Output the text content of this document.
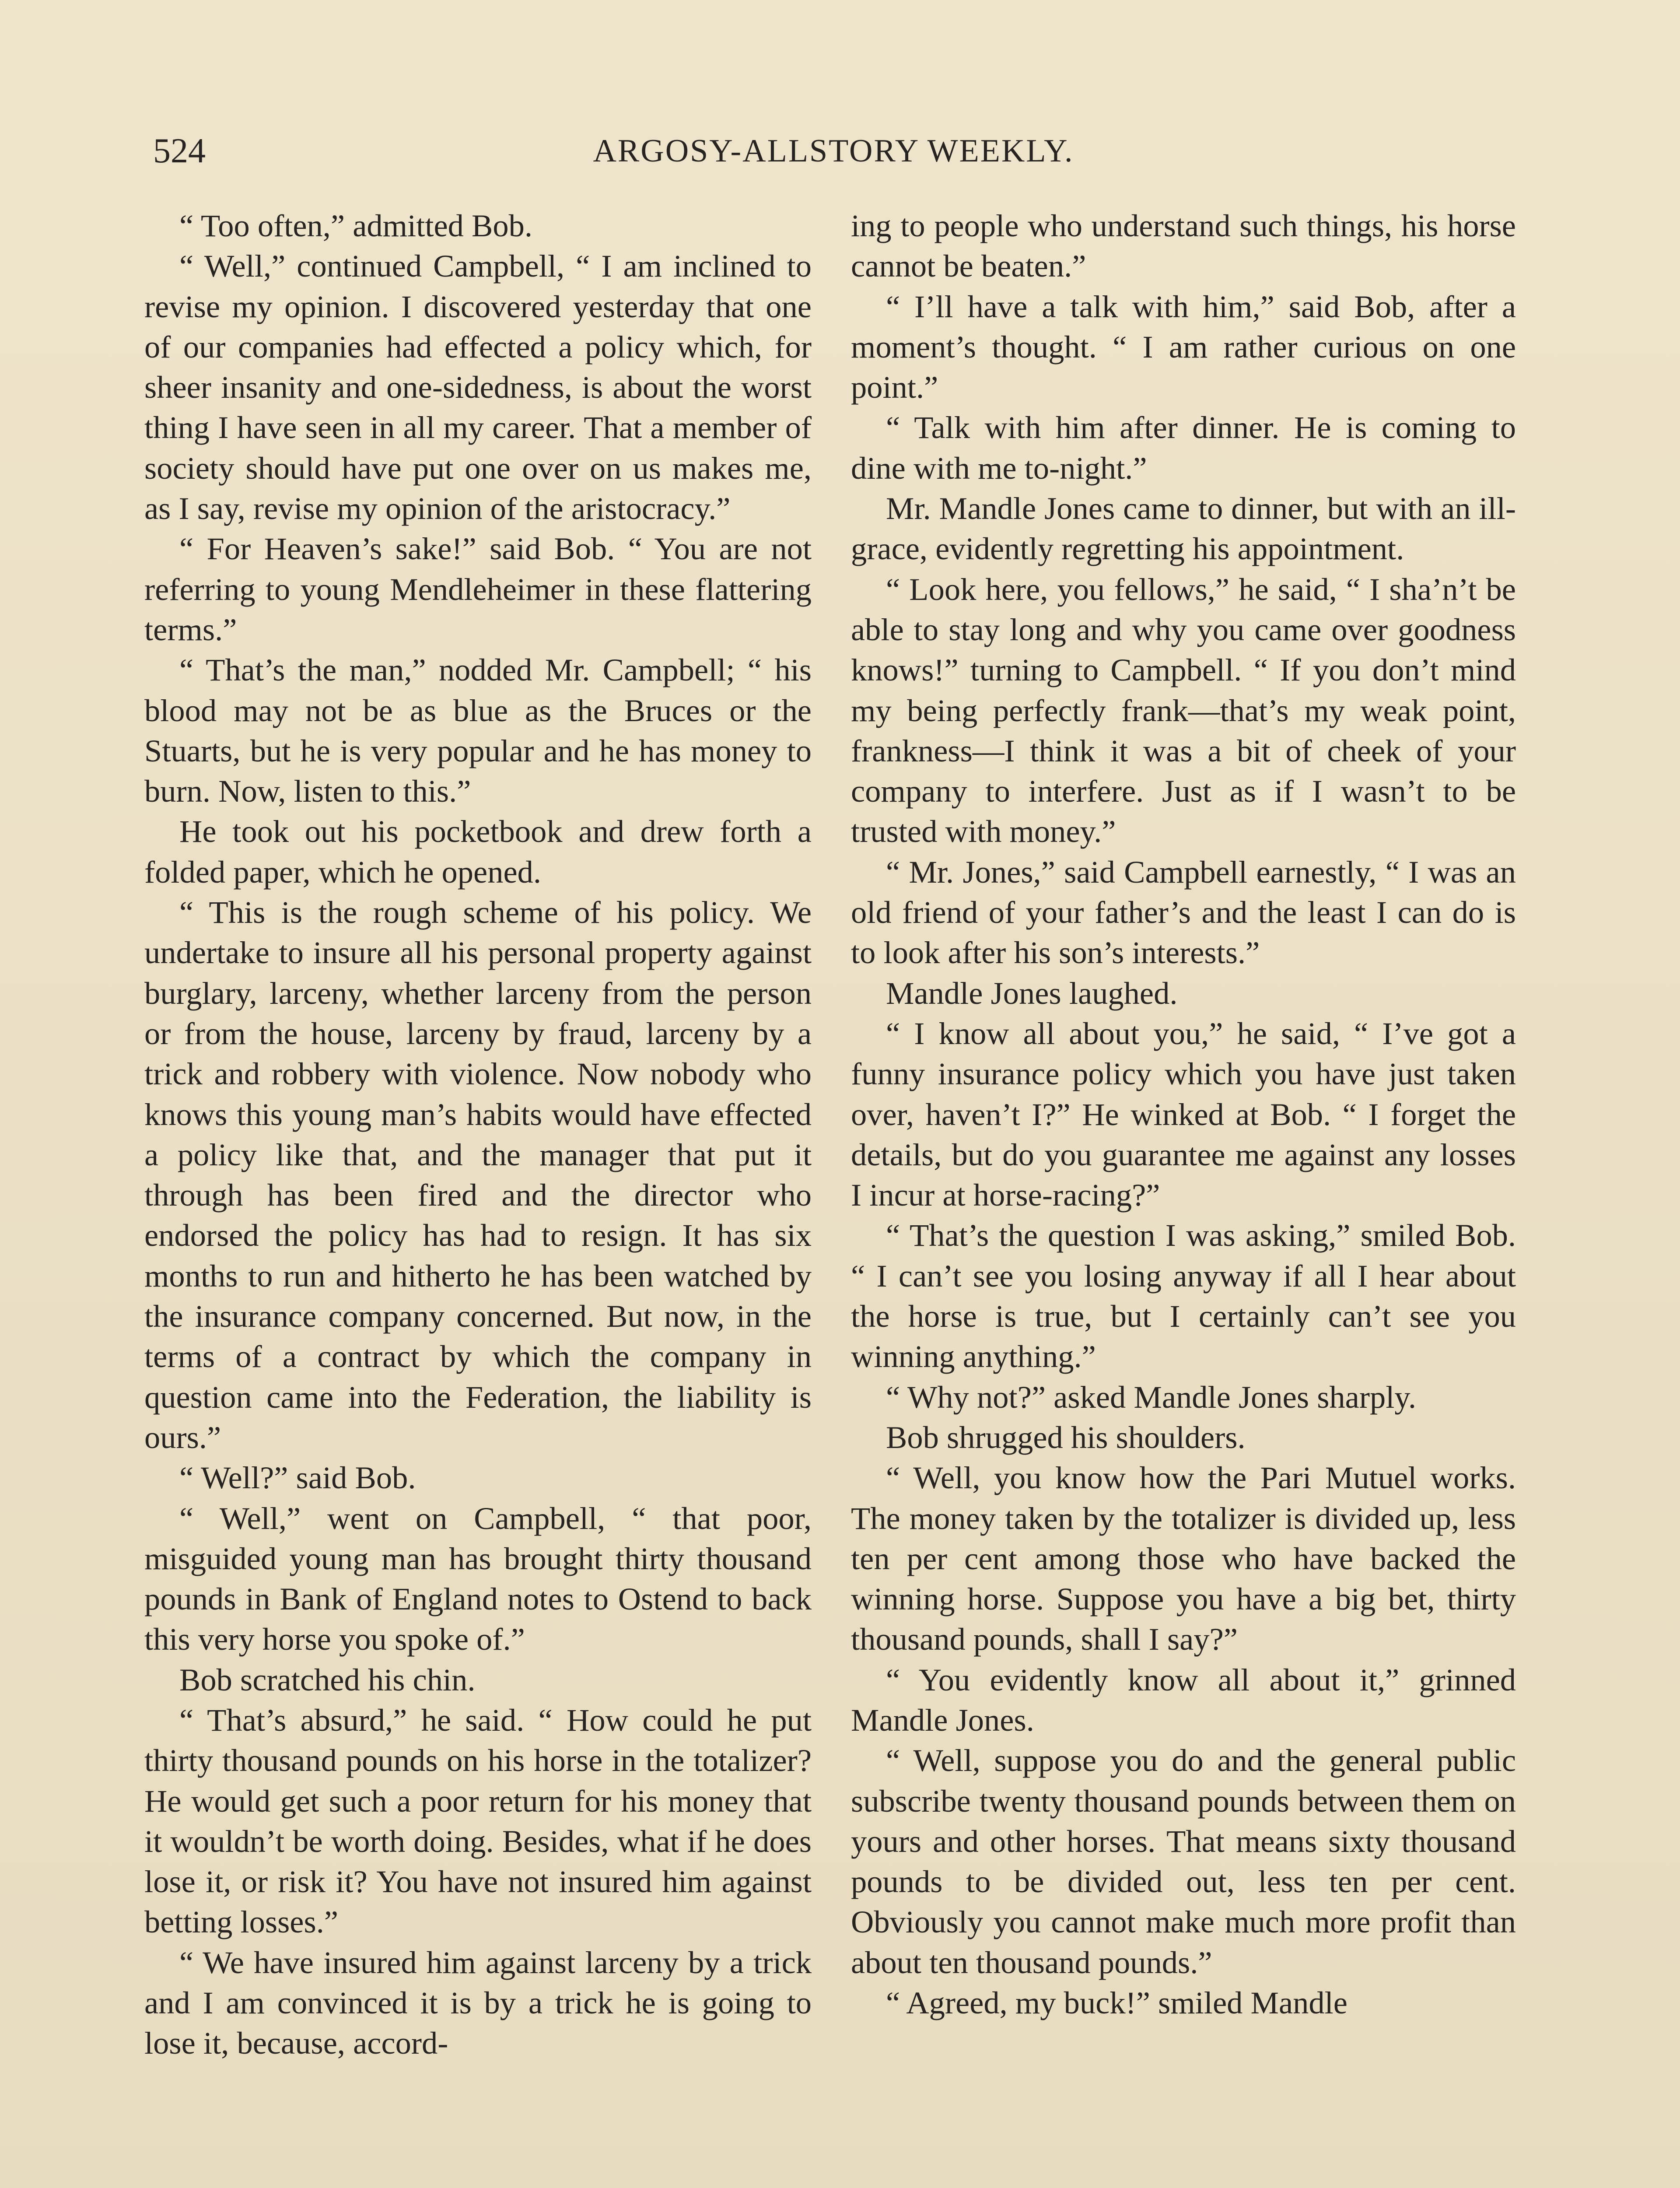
524	ARGOSY-ALLSTORY WEEKLY.

“ Too often,” admitted Bob.

“ Well,” continued Campbell, “ I am inclined to revise my opinion. I discovered yesterday that one of our companies had effected a policy which, for sheer insanity and one-sidedness, is about the worst thing I have seen in all my career. That a member of society should have put one over on us makes me, as I say, revise my opinion of the aristocracy.”

“ For Heaven’s sake!” said Bob. “ You are not referring to young Mendleheimer in these flattering terms.”

“ That’s the man,” nodded Mr. Campbell; “ his blood may not be as blue as the Bruces or the Stuarts, but he is very popular and he has money to burn. Now, listen to this.”

He took out his pocketbook and drew forth a folded paper, which he opened.

“ This is the rough scheme of his policy. We undertake to insure all his personal property against burglary, larceny, whether larceny from the person or from the house, larceny by fraud, larceny by a trick and robbery with violence. Now nobody who knows this young man’s habits would have effected a policy like that, and the manager that put it through has been fired and the director who endorsed the policy has had to resign. It has six months to run and hitherto he has been watched by the insurance company concerned. But now, in the terms of a contract by which the company in question came into the Federation, the liability is ours.”

“ Well?” said Bob.

“ Well,” went on Campbell, “ that poor, misguided young man has brought thirty thousand pounds in Bank of England notes to Ostend to back this very horse you spoke of.”

Bob scratched his chin.

“ That’s absurd,” he said. “ How could he put thirty thousand pounds on his horse in the totalizer? He would get such a poor return for his money that it wouldn’t be worth doing. Besides, what if he does lose it, or risk it? You have not insured him against betting losses.”

“ We have insured him against larceny by a trick and I am convinced it is by a trick he is going to lose it, because, accord-

ing to people who understand such things, his horse cannot be beaten.”

“ I’ll have a talk with him,” said Bob, after a moment’s thought. “ I am rather curious on one point.”

“ Talk with him after dinner. He is coming to dine with me to-night.”

Mr. Mandle Jones came to dinner, but with an ill-grace, evidently regretting his appointment.

“ Look here, you fellows,” he said, “ I sha’n’t be able to stay long and why you came over goodness knows!” turning to Campbell. “ If you don’t mind my being perfectly frank—that’s my weak point, frankness—I think it was a bit of cheek of your company to interfere. Just as if I wasn’t to be trusted with money.”

“ Mr. Jones,” said Campbell earnestly, “ I was an old friend of your father’s and the least I can do is to look after his son’s interests.”

Mandle Jones laughed.

“ I know all about you,” he said, “ I’ve got a funny insurance policy which you have just taken over, haven’t I?” He winked at Bob. “ I forget the details, but do you guarantee me against any losses I incur at horse-racing?”

“ That’s the question I was asking,” smiled Bob. “ I can’t see you losing anyway if all I hear about the horse is true, but I certainly can’t see you winning anything.”

“ Why not?” asked Mandle Jones sharply.

Bob shrugged his shoulders.

“ Well, you know how the Pari Mutuel works. The money taken by the totalizer is divided up, less ten per cent among those who have backed the winning horse. Suppose you have a big bet, thirty thousand pounds, shall I say?”

“ You evidently know all about it,” grinned Mandle Jones.

“ Well, suppose you do and the general public subscribe twenty thousand pounds between them on yours and other horses. That means sixty thousand pounds to be divided out, less ten per cent. Obviously you cannot make much more profit than about ten thousand pounds.”

“ Agreed, my buck!” smiled Mandle
